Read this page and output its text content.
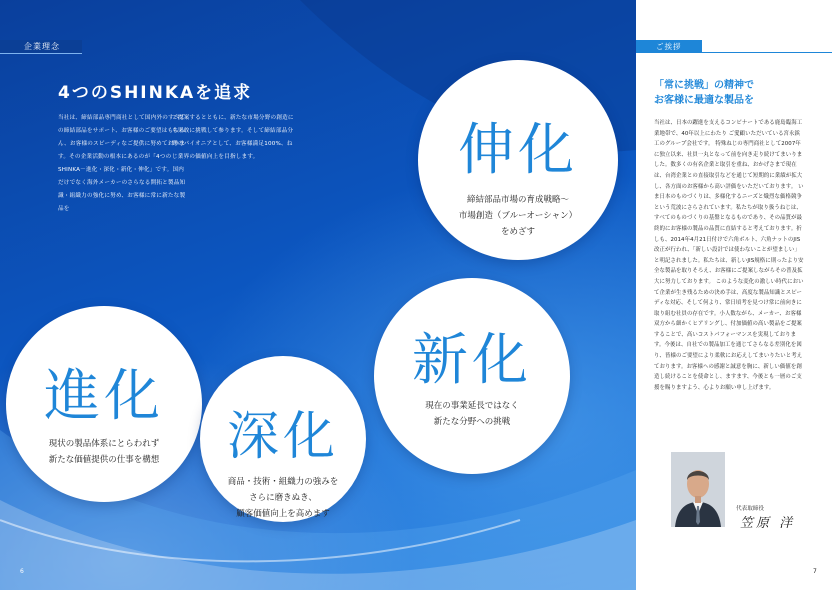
企業理念
4つのSHINKAを追求
当社は、締結部品専門商社として国内外のすべての締結部品をサポート、お客様のご要望はもちろん、お客様のスピーディなご提供に努めております。その企業活動の根本にあるのが「4つのSHINKA－進化・深化・新化・伸化」です。国内だけでなく海外メーカーのさらなる開拓と製品知識・組織力の強化に努め、お客様に常に新たな製品を
ご提案するとともに、新たな市場分野の創造にも果敢に挑戦して参ります。そして締結部品分野のパイオニアとして、お客様満足100%、ねじ業界の価値向上を目指します。	伸化
締結部品市場の育成戦略～
市場創造（ブルーオーシャン）
をめざす
進化
現状の製品体系にとらわれず
新たな価値提供の仕事を構想	深化
商品・技術・組織力の強みを
さらに磨きぬき、
顧客価値向上を高めます
新化
現在の事業延長ではなく
新たな分野への挑戦
6
ご挨拶
「常に挑戦」の精神で
お客様に最適な製品を
当社は、日本の躍進を支えるコンビナートである鹿島臨海工業地帯で、40年以上にわたり ご愛顧いただいている宮永鋲工のグループ会社です。 特殊ねじの専門商社として2007年に独立以来、社員一丸となって前を向き走り続けてまいりました。数多くの有名企業と取引を重ね、おかげさまで現在は、台湾企業との直接取引などを通じて短期的に業績が拡大し、各方面のお客様から高い評価をいただいております。 いま日本のものづくりは、多様化するニーズと熾烈な価格競争という荒波にさらされています。私たちが取り扱うねじは、すべてのものづくりの基盤となるものであり、その品質が最終的にお客様の製品の品質に直結すると考えております。折しも、2014年4月21日付けで六角ボルト、六角ナットのJIS改正が行われ、「新しい設計では使わないことが望ましい」と明記されました。私たちは、新しいJIS規格に則ったより安全な製品を取りそろえ、お客様にご提案しながらその普及拡大に努力しております。 このような変化の激しい時代において企業が生き残るための決め手は、高度な製品知識とスピーディな対応、そして何より、常日頃考を見つけ常に前向きに取り組む社員の存在です。小人数ながら、メーカー、お客様双方から細かくヒアリングし、付加価値の高い製品をご提案することで、高いコストパフォーマンスを実現しております。今後は、自社での製品加工を通じてさらなる差別化を図り、皆様のご要望により柔軟にお応えしてまいりたいと考えております。お客様への感謝と誠意を胸に、新しい価値を創造し続けることを使命とし、ますます、今後とも一層のご支援を賜りますよう、心よりお願い申し上げます。
代表取締役
笠原 洋
7
